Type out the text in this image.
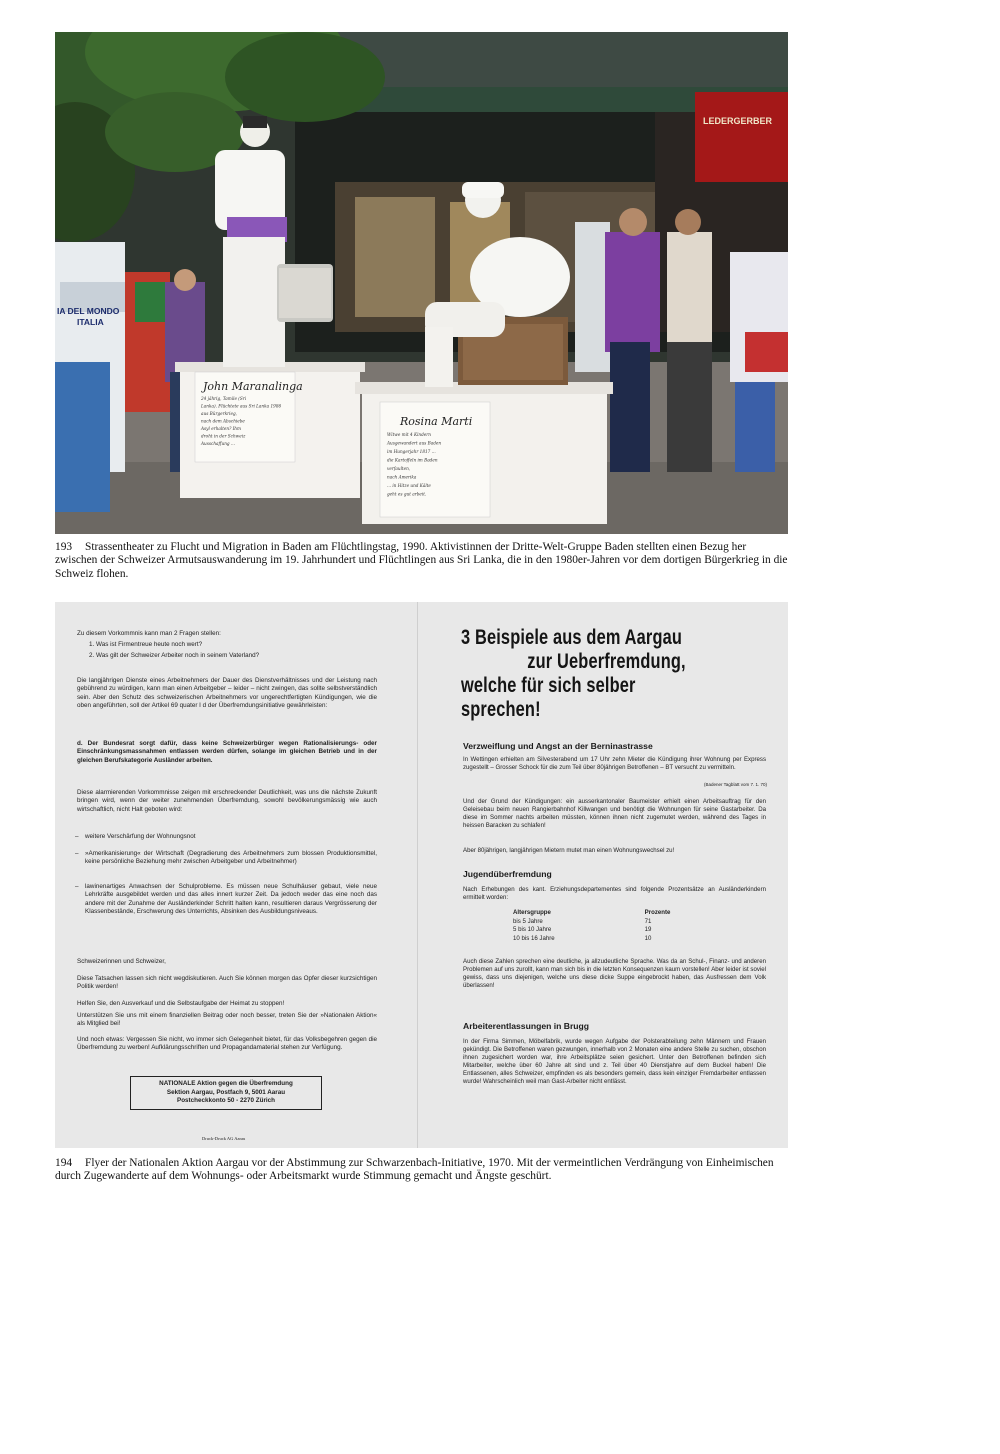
LEDERGERBER
IA DEL MONDO
ITALIA
John Maranalinga
24 jährig, Tamile (Sri
Lanka). Flüchtete aus Sri Lanka 1986
aus Bürgerkrieg,
nach dem Abschiebe
Asyl erhalten? Ihm
droht in der Schweiz
Ausschaffung ...
Rosina Marti
Witwe mit 4 Kindern
Ausgewandert aus Baden
im Hungerjahr 1817 ...
die Kartoffeln im Baden
verfaulten,
nach Amerika
... in Hitze und Kälte
geht es gut arbeit.

193 Strassentheater zu Flucht und Migration in Baden am Flüchtlingstag, 1990. Aktivistinnen der Dritte-Welt-Gruppe Baden stellten einen Bezug her zwischen der Schweizer Armutsauswanderung im 19. Jahrhundert und Flüchtlingen aus Sri Lanka, die in den 1980er-Jahren vor dem dortigen Bürgerkrieg in die Schweiz flohen.

Zu diesem Vorkommnis kann man 2 Fragen stellen:

1. Was ist Firmentreue heute noch wert?

2. Was gilt der Schweizer Arbeiter noch in seinem Vaterland?

Die langjährigen Dienste eines Arbeitnehmers der Dauer des Dienstverhältnisses und der Leistung nach gebührend zu würdigen, kann man einen Arbeitgeber – leider – nicht zwingen, das sollte selbstverständlich sein. Aber den Schutz des schweizerischen Arbeitnehmers vor ungerechtfertigten Kündigungen, wie die oben angeführten, soll der Artikel 69 quater I d der Überfremdungsinitiative gewährleisten:

d. Der Bundesrat sorgt dafür, dass keine Schweizerbürger wegen Rationalisierungs- oder Einschränkungsmassnahmen entlassen werden dürfen, solange im gleichen Betrieb und in der gleichen Berufskategorie Ausländer arbeiten.

Diese alarmierenden Vorkommnisse zeigen mit erschreckender Deutlichkeit, was uns die nächste Zukunft bringen wird, wenn der weiter zunehmenden Überfremdung, sowohl bevölkerungsmässig wie auch wirtschaftlich, nicht Halt geboten wird:

– weitere Verschärfung der Wohnungsnot

– »Amerikanisierung« der Wirtschaft (Degradierung des Arbeitnehmers zum blossen Produktionsmittel, keine persönliche Beziehung mehr zwischen Arbeitgeber und Arbeitnehmer)

– lawinenartiges Anwachsen der Schulprobleme. Es müssen neue Schulhäuser gebaut, viele neue Lehrkräfte ausgebildet werden und das alles innert kurzer Zeit. Da jedoch weder das eine noch das andere mit der Zunahme der Ausländerkinder Schritt halten kann, resultieren daraus Vergrösserung der Klassenbestände, Erschwerung des Unterrichts, Absinken des Ausbildungsniveaus.

Schweizerinnen und Schweizer,

Diese Tatsachen lassen sich nicht wegdiskutieren. Auch Sie können morgen das Opfer dieser kurzsichtigen Politik werden!

Helfen Sie, den Ausverkauf und die Selbstaufgabe der Heimat zu stoppen!

Unterstützen Sie uns mit einem finanziellen Beitrag oder noch besser, treten Sie der »Nationalen Aktion« als Mitglied bei!

Und noch etwas: Vergessen Sie nicht, wo immer sich Gelegenheit bietet, für das Volksbegehren gegen die Überfremdung zu werben! Aufklärungsschriften und Propagandamaterial stehen zur Verfügung.

NATIONALE Aktion gegen die Überfremdung
Sektion Aargau, Postfach 9, 5001 Aarau
Postcheckkonto 50 - 2270 Zürich

Druck-Druck AG Aarau

3 Beispiele aus dem Aargau
zur Ueberfremdung,
welche für sich selber sprechen!

Verzweiflung und Angst an der Berninastrasse

In Wettingen erhielten am Silvesterabend um 17 Uhr zehn Mieter die Kündigung ihrer Wohnung per Express zugestellt – Grosser Schock für die zum Teil über 80jährigen Betroffenen – BT versucht zu vermitteln.

(Badener Tagblatt vom 7. 1. 70)

Und der Grund der Kündigungen: ein ausserkantonaler Baumeister erhielt einen Arbeitsauftrag für den Geleisebau beim neuen Rangierbahnhof Killwangen und benötigt die Wohnungen für seine Gastarbeiter. Da diese im Sommer nachts arbeiten müssten, können ihnen nicht zugemutet werden, während des Tages in heissen Baracken zu schlafen!

Aber 80jährigen, langjährigen Mietern mutet man einen Wohnungswechsel zu!

Jugendüberfremdung

Nach Erhebungen des kant. Erziehungsdepartementes sind folgende Prozentsätze an Ausländerkindern ermittelt worden:

Altersgruppe	Prozente
bis 5 Jahre	71
5 bis 10 Jahre	19
10 bis 16 Jahre	10

Auch diese Zahlen sprechen eine deutliche, ja allzudeutliche Sprache. Was da an Schul-, Finanz- und anderen Problemen auf uns zurollt, kann man sich bis in die letzten Konsequenzen kaum vorstellen! Aber leider ist soviel gewiss, dass uns diejenigen, welche uns diese dicke Suppe eingebrockt haben, das Ausfressen dem Volk überlassen!

Arbeiterentlassungen in Brugg

In der Firma Simmen, Möbelfabrik, wurde wegen Aufgabe der Polsterabteilung zehn Männern und Frauen gekündigt. Die Betroffenen waren gezwungen, innerhalb von 2 Monaten eine andere Stelle zu suchen, obschon ihnen zugesichert worden war, ihre Arbeitsplätze seien gesichert. Unter den Betroffenen befinden sich Mitarbeiter, welche über 60 Jahre alt sind und z. Teil über 40 Dienstjahre auf dem Buckel haben! Die Entlassenen, alles Schweizer, empfinden es als besonders gemein, dass kein einziger Fremdarbeiter entlassen wurde! Wahrscheinlich weil man Gast-Arbeiter nicht entlässt.

194 Flyer der Nationalen Aktion Aargau vor der Abstimmung zur Schwarzenbach-Initiative, 1970. Mit der vermeintlichen Verdrängung von Einheimischen durch Zugewanderte auf dem Wohnungs- oder Arbeitsmarkt wurde Stimmung gemacht und Ängste geschürt.
